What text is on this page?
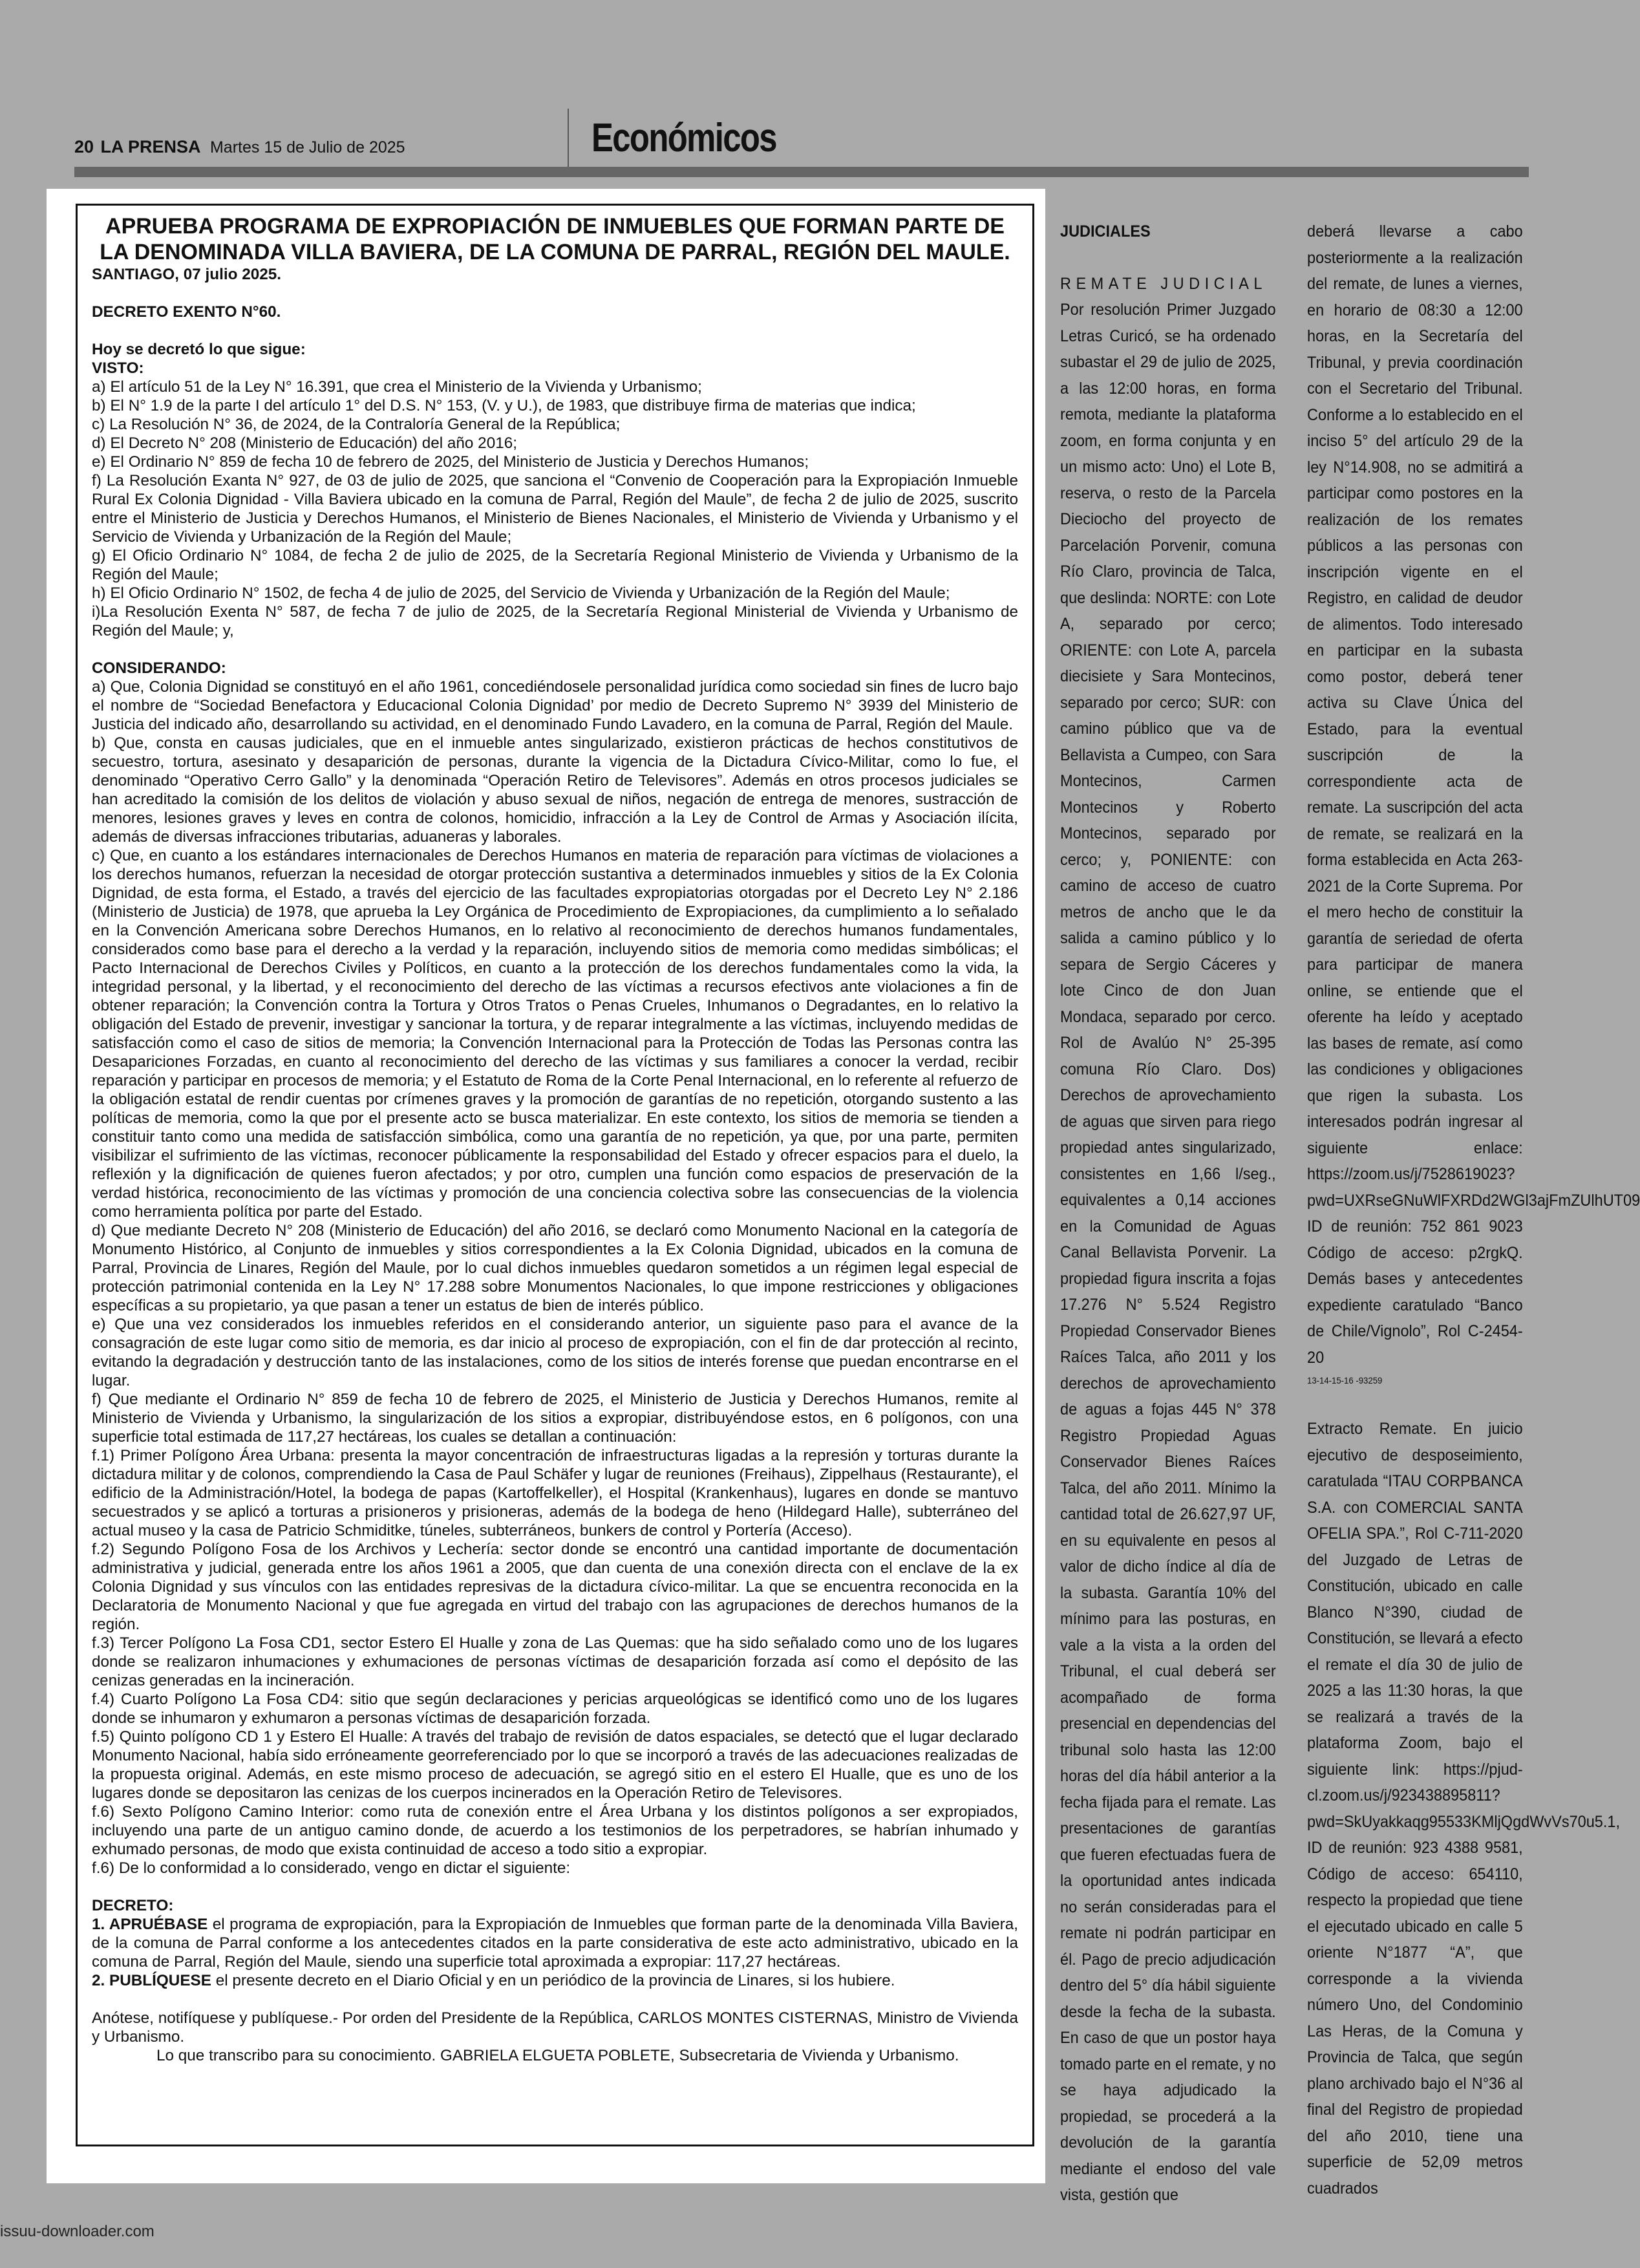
20 LA PRENSA Martes 15 de Julio de 2025	Económicos
APRUEBA PROGRAMA DE EXPROPIACIÓN DE INMUEBLES QUE FORMAN PARTE DE LA DENOMINADA VILLA BAVIERA, DE LA COMUNA DE PARRAL, REGIÓN DEL MAULE.

SANTIAGO, 07 julio 2025.

DECRETO EXENTO N°60.

Hoy se decretó lo que sigue:

VISTO:

a) El artículo 51 de la Ley N° 16.391, que crea el Ministerio de la Vivienda y Urbanismo;

b) El N° 1.9 de la parte I del artículo 1° del D.S. N° 153, (V. y U.), de 1983, que distribuye firma de materias que indica;

c) La Resolución N° 36, de 2024, de la Contraloría General de la República;

d) El Decreto N° 208 (Ministerio de Educación) del año 2016;

e) El Ordinario N° 859 de fecha 10 de febrero de 2025, del Ministerio de Justicia y Derechos Humanos;

f) La Resolución Exanta N° 927, de 03 de julio de 2025, que sanciona el “Convenio de Cooperación para la Expropiación Inmueble Rural Ex Colonia Dignidad - Villa Baviera ubicado en la comuna de Parral, Región del Maule”, de fecha 2 de julio de 2025, suscrito entre el Ministerio de Justicia y Derechos Humanos, el Ministerio de Bienes Nacionales, el Ministerio de Vivienda y Urbanismo y el Servicio de Vivienda y Urbanización de la Región del Maule;

g) El Oficio Ordinario N° 1084, de fecha 2 de julio de 2025, de la Secretaría Regional Ministerio de Vivienda y Urbanismo de la Región del Maule;

h) El Oficio Ordinario N° 1502, de fecha 4 de julio de 2025, del Servicio de Vivienda y Urbanización de la Región del Maule;

i)La Resolución Exenta N° 587, de fecha 7 de julio de 2025, de la Secretaría Regional Ministerial de Vivienda y Urbanismo de Región del Maule; y,

CONSIDERANDO:

a) Que, Colonia Dignidad se constituyó en el año 1961, concediéndosele personalidad jurídica como sociedad sin fines de lucro bajo el nombre de “Sociedad Benefactora y Educacional Colonia Dignidad’ por medio de Decreto Supremo N° 3939 del Ministerio de Justicia del indicado año, desarrollando su actividad, en el denominado Fundo Lavadero, en la comuna de Parral, Región del Maule.

b) Que, consta en causas judiciales, que en el inmueble antes singularizado, existieron prácticas de hechos constitutivos de secuestro, tortura, asesinato y desaparición de personas, durante la vigencia de la Dictadura Cívico-Militar, como lo fue, el denominado “Operativo Cerro Gallo” y la denominada “Operación Retiro de Televisores”. Además en otros procesos judiciales se han acreditado la comisión de los delitos de violación y abuso sexual de niños, negación de entrega de menores, sustracción de menores, lesiones graves y leves en contra de colonos, homicidio, infracción a la Ley de Control de Armas y Asociación ilícita, además de diversas infracciones tributarias, aduaneras y laborales.

c) Que, en cuanto a los estándares internacionales de Derechos Humanos en materia de reparación para víctimas de violaciones a los derechos humanos, refuerzan la necesidad de otorgar protección sustantiva a determinados inmuebles y sitios de la Ex Colonia Dignidad, de esta forma, el Estado, a través del ejercicio de las facultades expropiatorias otorgadas por el Decreto Ley N° 2.186 (Ministerio de Justicia) de 1978, que aprueba la Ley Orgánica de Procedimiento de Expropiaciones, da cumplimiento a lo señalado en la Convención Americana sobre Derechos Humanos, en lo relativo al reconocimiento de derechos humanos fundamentales, considerados como base para el derecho a la verdad y la reparación, incluyendo sitios de memoria como medidas simbólicas; el Pacto Internacional de Derechos Civiles y Políticos, en cuanto a la protección de los derechos fundamentales como la vida, la integridad personal, y la libertad, y el reconocimiento del derecho de las víctimas a recursos efectivos ante violaciones a fin de obtener reparación; la Convención contra la Tortura y Otros Tratos o Penas Crueles, Inhumanos o Degradantes, en lo relativo la obligación del Estado de prevenir, investigar y sancionar la tortura, y de reparar integralmente a las víctimas, incluyendo medidas de satisfacción como el caso de sitios de memoria; la Convención Internacional para la Protección de Todas las Personas contra las Desapariciones Forzadas, en cuanto al reconocimiento del derecho de las víctimas y sus familiares a conocer la verdad, recibir reparación y participar en procesos de memoria; y el Estatuto de Roma de la Corte Penal Internacional, en lo referente al refuerzo de la obligación estatal de rendir cuentas por crímenes graves y la promoción de garantías de no repetición, otorgando sustento a las políticas de memoria, como la que por el presente acto se busca materializar. En este contexto, los sitios de memoria se tienden a constituir tanto como una medida de satisfacción simbólica, como una garantía de no repetición, ya que, por una parte, permiten visibilizar el sufrimiento de las víctimas, reconocer públicamente la responsabilidad del Estado y ofrecer espacios para el duelo, la reflexión y la dignificación de quienes fueron afectados; y por otro, cumplen una función como espacios de preservación de la verdad histórica, reconocimiento de las víctimas y promoción de una conciencia colectiva sobre las consecuencias de la violencia como herramienta política por parte del Estado.

d) Que mediante Decreto N° 208 (Ministerio de Educación) del año 2016, se declaró como Monumento Nacional en la categoría de Monumento Histórico, al Conjunto de inmuebles y sitios correspondientes a la Ex Colonia Dignidad, ubicados en la comuna de Parral, Provincia de Linares, Región del Maule, por lo cual dichos inmuebles quedaron sometidos a un régimen legal especial de protección patrimonial contenida en la Ley N° 17.288 sobre Monumentos Nacionales, lo que impone restricciones y obligaciones específicas a su propietario, ya que pasan a tener un estatus de bien de interés público.

e) Que una vez considerados los inmuebles referidos en el considerando anterior, un siguiente paso para el avance de la consagración de este lugar como sitio de memoria, es dar inicio al proceso de expropiación, con el fin de dar protección al recinto, evitando la degradación y destrucción tanto de las instalaciones, como de los sitios de interés forense que puedan encontrarse en el lugar.

f) Que mediante el Ordinario N° 859 de fecha 10 de febrero de 2025, el Ministerio de Justicia y Derechos Humanos, remite al Ministerio de Vivienda y Urbanismo, la singularización de los sitios a expropiar, distribuyéndose estos, en 6 polígonos, con una superficie total estimada de 117,27 hectáreas, los cuales se detallan a continuación:

f.1) Primer Polígono Área Urbana: presenta la mayor concentración de infraestructuras ligadas a la represión y torturas durante la dictadura militar y de colonos, comprendiendo la Casa de Paul Schäfer y lugar de reuniones (Freihaus), Zippelhaus (Restaurante), el edificio de la Administración/Hotel, la bodega de papas (Kartoffelkeller), el Hospital (Krankenhaus), lugares en donde se mantuvo secuestrados y se aplicó a torturas a prisioneros y prisioneras, además de la bodega de heno (Hildegard Halle), subterráneo del actual museo y la casa de Patricio Schmiditke, túneles, subterráneos, bunkers de control y Portería (Acceso).

f.2) Segundo Polígono Fosa de los Archivos y Lechería: sector donde se encontró una cantidad importante de documentación administrativa y judicial, generada entre los años 1961 a 2005, que dan cuenta de una conexión directa con el enclave de la ex Colonia Dignidad y sus vínculos con las entidades represivas de la dictadura cívico-militar. La que se encuentra reconocida en la Declaratoria de Monumento Nacional y que fue agregada en virtud del trabajo con las agrupaciones de derechos humanos de la región.

f.3) Tercer Polígono La Fosa CD1, sector Estero El Hualle y zona de Las Quemas: que ha sido señalado como uno de los lugares donde se realizaron inhumaciones y exhumaciones de personas víctimas de desaparición forzada así como el depósito de las cenizas generadas en la incineración.

f.4) Cuarto Polígono La Fosa CD4: sitio que según declaraciones y pericias arqueológicas se identificó como uno de los lugares donde se inhumaron y exhumaron a personas víctimas de desaparición forzada.

f.5) Quinto polígono CD 1 y Estero El Hualle: A través del trabajo de revisión de datos espaciales, se detectó que el lugar declarado Monumento Nacional, había sido erróneamente georreferenciado por lo que se incorporó a través de las adecuaciones realizadas de la propuesta original. Además, en este mismo proceso de adecuación, se agregó sitio en el estero El Hualle, que es uno de los lugares donde se depositaron las cenizas de los cuerpos incinerados en la Operación Retiro de Televisores.

f.6) Sexto Polígono Camino Interior: como ruta de conexión entre el Área Urbana y los distintos polígonos a ser expropiados, incluyendo una parte de un antiguo camino donde, de acuerdo a los testimonios de los perpetradores, se habrían inhumado y exhumado personas, de modo que exista continuidad de acceso a todo sitio a expropiar.

f.6) De lo conformidad a lo considerado, vengo en dictar el siguiente:

DECRETO:

1. APRUÉBASE el programa de expropiación, para la Expropiación de Inmuebles que forman parte de la denominada Villa Baviera, de la comuna de Parral conforme a los antecedentes citados en la parte considerativa de este acto administrativo, ubicado en la comuna de Parral, Región del Maule, siendo una superficie total aproximada a expropiar: 117,27 hectáreas.

2. PUBLÍQUESE el presente decreto en el Diario Oficial y en un periódico de la provincia de Linares, si los hubiere.

Anótese, notifíquese y publíquese.- Por orden del Presidente de la República, CARLOS MONTES CISTERNAS, Ministro de Vivienda y Urbanismo.

Lo que transcribo para su conocimiento. GABRIELA ELGUETA POBLETE, Subsecretaria de Vivienda y Urbanismo.

JUDICIALES

REMATE JUDICIAL

Por resolución Primer Juzgado Letras Curicó, se ha ordenado subastar el 29 de julio de 2025, a las 12:00 horas, en forma remota, mediante la plataforma zoom, en forma conjunta y en un mismo acto: Uno) el Lote B, reserva, o resto de la Parcela Dieciocho del proyecto de Parcelación Porvenir, comuna Río Claro, provincia de Talca, que deslinda: NORTE: con Lote A, separado por cerco; ORIENTE: con Lote A, parcela diecisiete y Sara Montecinos, separado por cerco; SUR: con camino público que va de Bellavista a Cumpeo, con Sara Montecinos, Carmen Montecinos y Roberto Montecinos, separado por cerco; y, PONIENTE: con camino de acceso de cuatro metros de ancho que le da salida a camino público y lo separa de Sergio Cáceres y lote Cinco de don Juan Mondaca, separado por cerco. Rol de Avalúo N° 25-395 comuna Río Claro. Dos) Derechos de aprovechamiento de aguas que sirven para riego propiedad antes singularizado, consistentes en 1,66 l/seg., equivalentes a 0,14 acciones en la Comunidad de Aguas Canal Bellavista Porvenir. La propiedad figura inscrita a fojas 17.276 N° 5.524 Registro Propiedad Conservador Bienes Raíces Talca, año 2011 y los derechos de aprovechamiento de aguas a fojas 445 N° 378 Registro Propiedad Aguas Conservador Bienes Raíces Talca, del año 2011. Mínimo la cantidad total de 26.627,97 UF, en su equivalente en pesos al valor de dicho índice al día de la subasta. Garantía 10% del mínimo para las posturas, en vale a la vista a la orden del Tribunal, el cual deberá ser acompañado de forma presencial en dependencias del tribunal solo hasta las 12:00 horas del día hábil anterior a la fecha fijada para el remate. Las presentaciones de garantías que fueren efectuadas fuera de la oportunidad antes indicada no serán consideradas para el remate ni podrán participar en él. Pago de precio adjudicación dentro del 5° día hábil siguiente desde la fecha de la subasta. En caso de que un postor haya tomado parte en el remate, y no se haya adjudicado la propiedad, se procederá a la devolución de la garantía mediante el endoso del vale vista, gestión que

deberá llevarse a cabo posteriormente a la realización del remate, de lunes a viernes, en horario de 08:30 a 12:00 horas, en la Secretaría del Tribunal, y previa coordinación con el Secretario del Tribunal. Conforme a lo establecido en el inciso 5° del artículo 29 de la ley N°14.908, no se admitirá a participar como postores en la realización de los remates públicos a las personas con inscripción vigente en el Registro, en calidad de deudor de alimentos. Todo interesado en participar en la subasta como postor, deberá tener activa su Clave Única del Estado, para la eventual suscripción de la correspondiente acta de remate. La suscripción del acta de remate, se realizará en la forma establecida en Acta 263-2021 de la Corte Suprema. Por el mero hecho de constituir la garantía de seriedad de oferta para participar de manera online, se entiende que el oferente ha leído y aceptado las bases de remate, así como las condiciones y obligaciones que rigen la subasta. Los interesados podrán ingresar al siguiente enlace: https://zoom.us/j/7528619023?pwd=UXRseGNuWlFXRDd2WGl3ajFmZUlhUT09 ID de reunión: 752 861 9023 Código de acceso: p2rgkQ. Demás bases y antecedentes expediente caratulado “Banco de Chile/Vignolo”, Rol C-2454-20

13-14-15-16 -93259

Extracto Remate. En juicio ejecutivo de desposeimiento, caratulada “ITAU CORPBANCA S.A. con COMERCIAL SANTA OFELIA SPA.”, Rol C-711-2020 del Juzgado de Letras de Constitución, ubicado en calle Blanco N°390, ciudad de Constitución, se llevará a efecto el remate el día 30 de julio de 2025 a las 11:30 horas, la que se realizará a través de la plataforma Zoom, bajo el siguiente link: https://pjud-cl.zoom.us/j/923438895811? pwd=SkUyakkaqg95533KMljQgdWvVs70u5.1, ID de reunión: 923 4388 9581, Código de acceso: 654110, respecto la propiedad que tiene el ejecutado ubicado en calle 5 oriente N°1877 “A”, que corresponde a la vivienda número Uno, del Condominio Las Heras, de la Comuna y Provincia de Talca, que según plano archivado bajo el N°36 al final del Registro de propiedad del año 2010, tiene una superficie de 52,09 metros cuadrados

issuu-downloader.com
